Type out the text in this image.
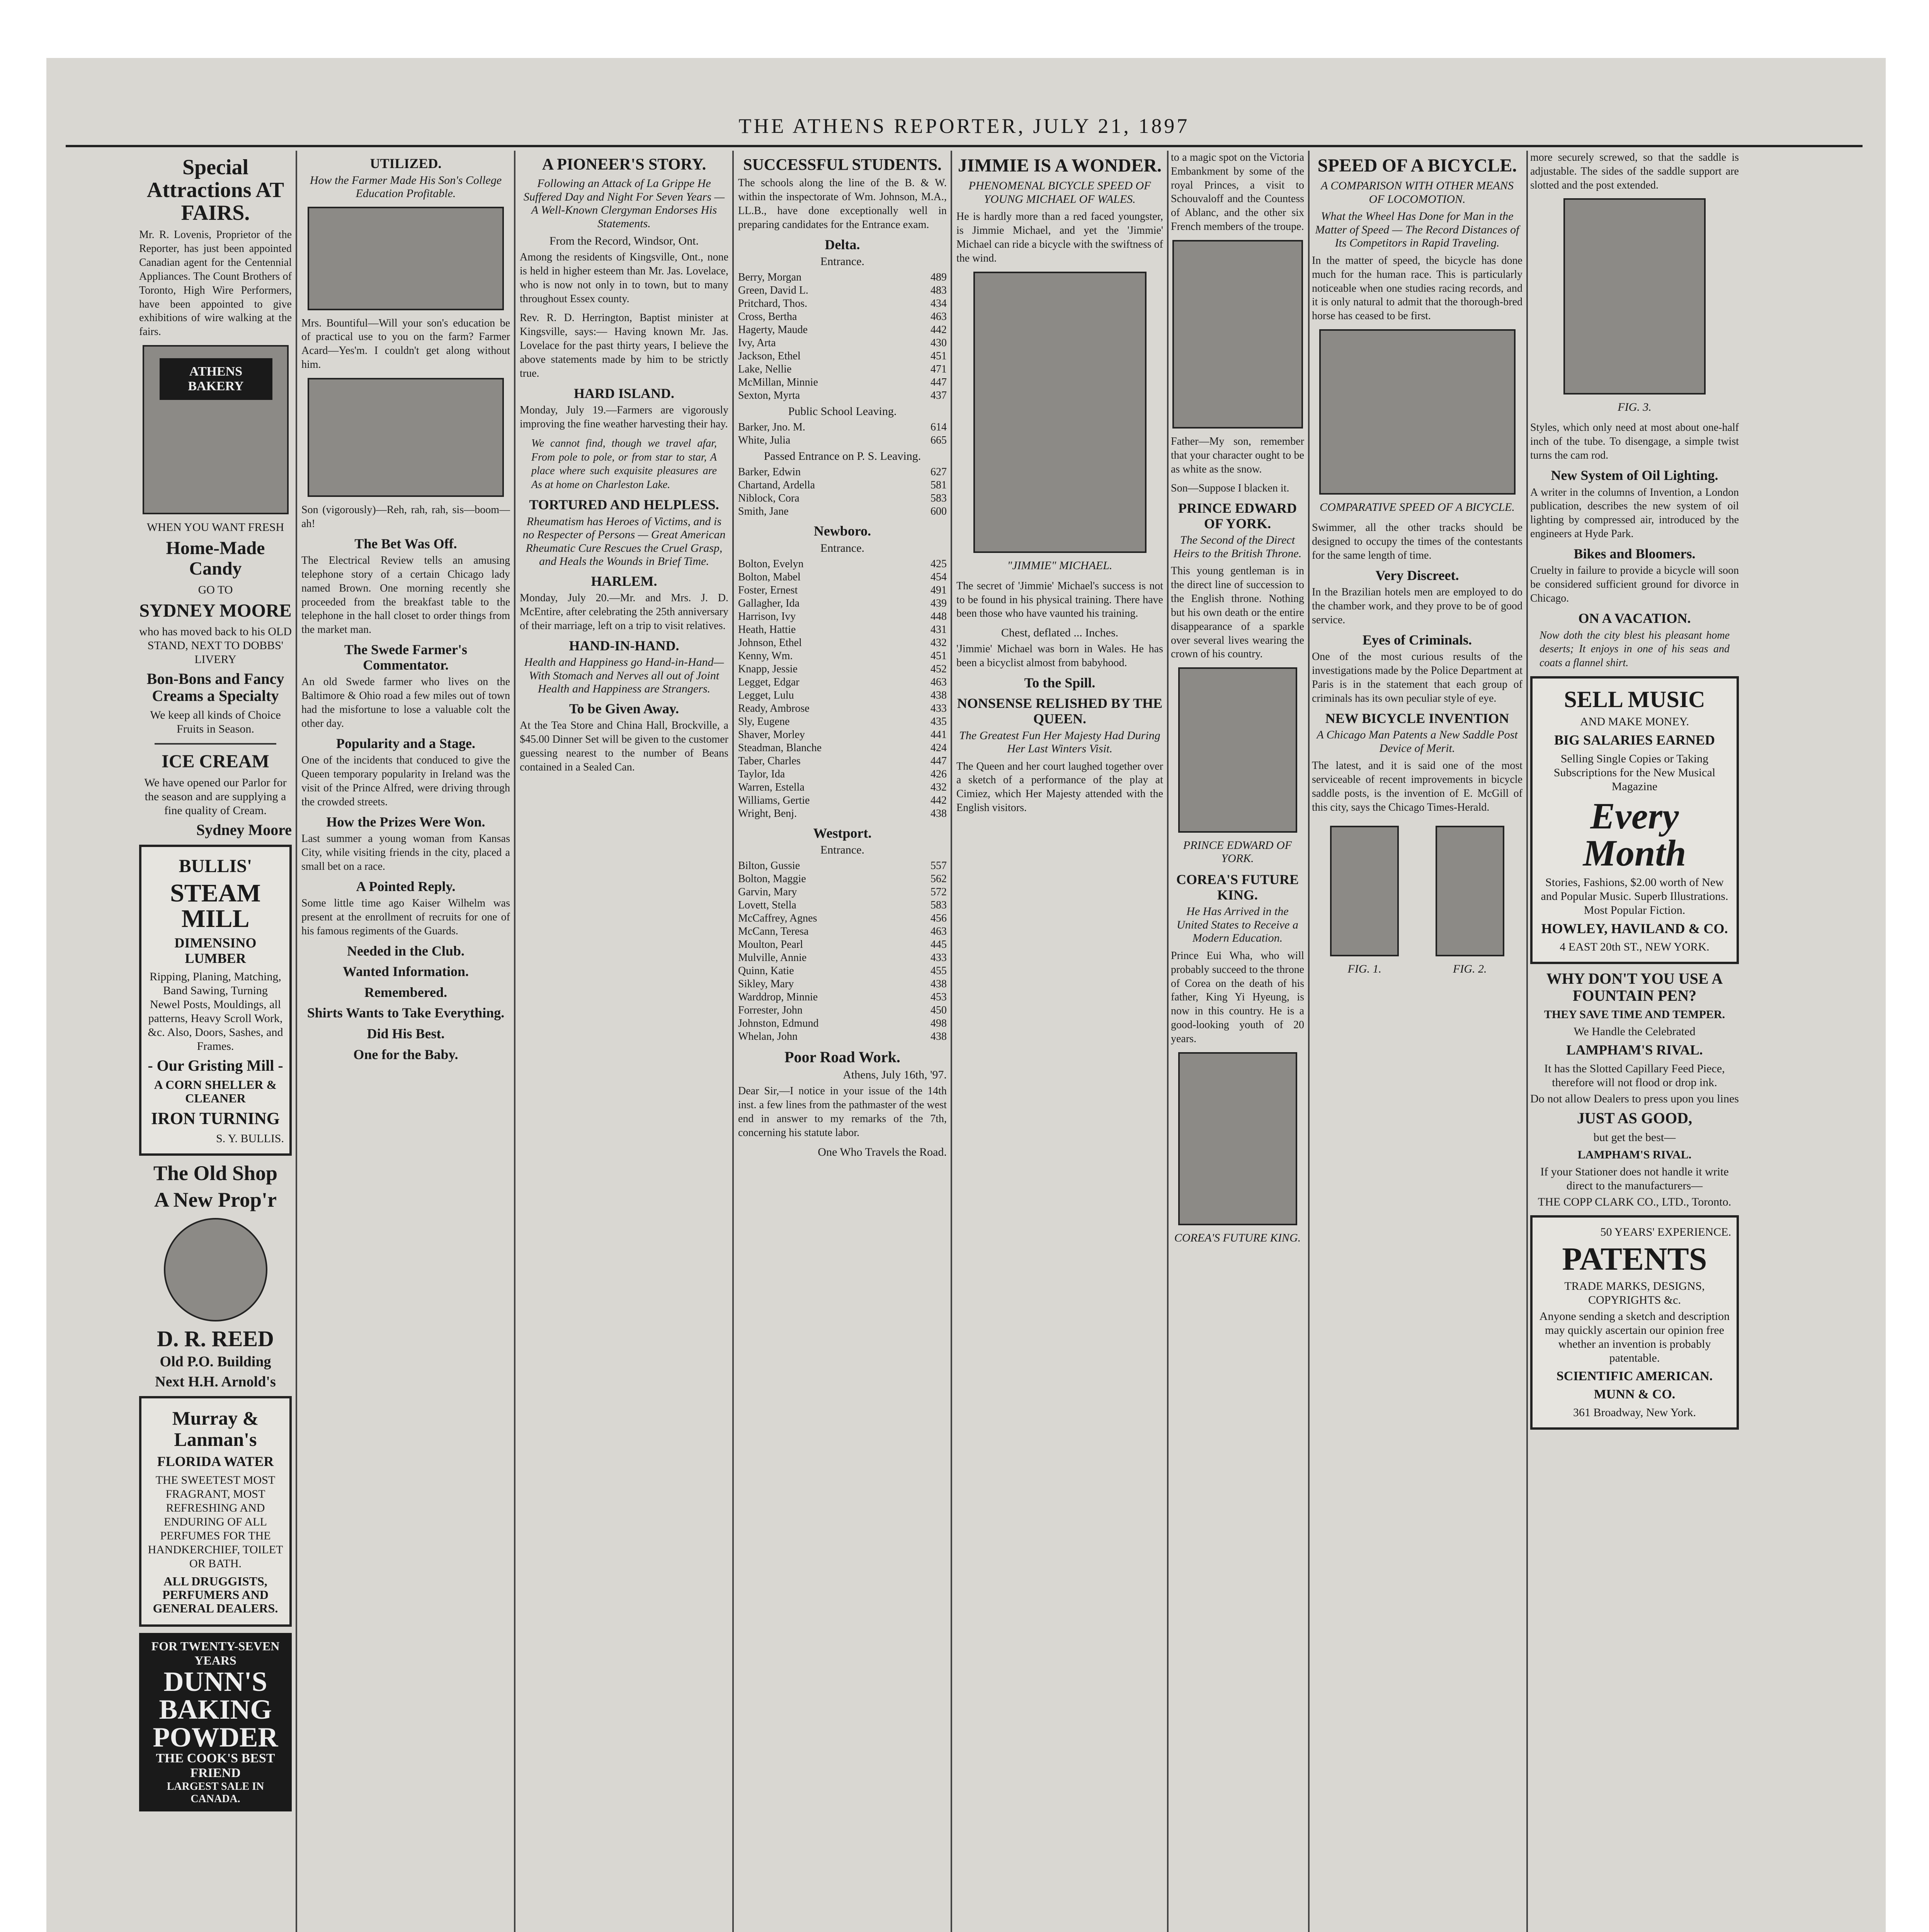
THE ATHENS REPORTER, JULY 21, 1897
Special Attractions AT FAIRS.

Mr. R. Lovenis, Proprietor of the Reporter, has just been appointed Canadian agent for the Centennial Appliances. The Count Brothers of Toronto, High Wire Performers, have been appointed to give exhibitions of wire walking at the fairs.

ATHENS BAKERY
WHEN YOU WANT FRESH
Home-Made Candy
GO TO
SYDNEY MOORE
who has moved back to his OLD STAND, NEXT TO DOBBS' LIVERY
Bon-Bons and Fancy Creams a Specialty
We keep all kinds of Choice Fruits in Season.
ICE CREAM
We have opened our Parlor for the season and are supplying a fine quality of Cream.
Sydney Moore
BULLIS'
STEAM MILL
DIMENSINO LUMBER
Ripping, Planing, Matching, Band Sawing, Turning Newel Posts, Mouldings, all patterns, Heavy Scroll Work, &c. Also, Doors, Sashes, and Frames.
- Our Gristing Mill -
A CORN SHELLER & CLEANER
IRON TURNING
S. Y. BULLIS.
The Old Shop
A New Prop'r
D. R. REED
Old P.O. Building
Next H.H. Arnold's
Murray & Lanman's
FLORIDA WATER
THE SWEETEST MOST FRAGRANT, MOST REFRESHING AND ENDURING OF ALL PERFUMES FOR THE HANDKERCHIEF, TOILET OR BATH.
ALL DRUGGISTS, PERFUMERS AND GENERAL DEALERS.
FOR TWENTY-SEVEN YEARS
DUNN'S BAKING POWDER
THE COOK'S BEST FRIEND
LARGEST SALE IN CANADA.
UTILIZED.
How the Farmer Made His Son's College Education Profitable.

Mrs. Bountiful—Will your son's education be of practical use to you on the farm? Farmer Acard—Yes'm. I couldn't get along without him.

Son (vigorously)—Reh, rah, rah, sis—boom—ah!

The Bet Was Off.

The Electrical Review tells an amusing telephone story of a certain Chicago lady named Brown. One morning recently she proceeded from the breakfast table to the telephone in the hall closet to order things from the market man.

The Swede Farmer's Commentator.

An old Swede farmer who lives on the Baltimore & Ohio road a few miles out of town had the misfortune to lose a valuable colt the other day.

Popularity and a Stage.

One of the incidents that conduced to give the Queen temporary popularity in Ireland was the visit of the Prince Alfred, were driving through the crowded streets.

How the Prizes Were Won.

Last summer a young woman from Kansas City, while visiting friends in the city, placed a small bet on a race.

A Pointed Reply.

Some little time ago Kaiser Wilhelm was present at the enrollment of recruits for one of his famous regiments of the Guards.

Needed in the Club.
Wanted Information.
Remembered.
Shirts Wants to Take Everything.
Did His Best.
One for the Baby.
A PIONEER'S STORY.
Following an Attack of La Grippe He Suffered Day and Night For Seven Years — A Well-Known Clergyman Endorses His Statements.
From the Record, Windsor, Ont.

Among the residents of Kingsville, Ont., none is held in higher esteem than Mr. Jas. Lovelace, who is now not only in to town, but to many throughout Essex county.

Rev. R. D. Herrington, Baptist minister at Kingsville, says:— Having known Mr. Jas. Lovelace for the past thirty years, I believe the above statements made by him to be strictly true.

HARD ISLAND.

Monday, July 19.—Farmers are vigorously improving the fine weather harvesting their hay.

We cannot find, though we travel afar, From pole to pole, or from star to star, A place where such exquisite pleasures are As at home on Charleston Lake.

TORTURED AND HELPLESS.
Rheumatism has Heroes of Victims, and is no Respecter of Persons — Great American Rheumatic Cure Rescues the Cruel Grasp, and Heals the Wounds in Brief Time.
HARLEM.

Monday, July 20.—Mr. and Mrs. J. D. McEntire, after celebrating the 25th anniversary of their marriage, left on a trip to visit relatives.

HAND-IN-HAND.
Health and Happiness go Hand-in-Hand—With Stomach and Nerves all out of Joint Health and Happiness are Strangers.
To be Given Away.

At the Tea Store and China Hall, Brockville, a $45.00 Dinner Set will be given to the customer guessing nearest to the number of Beans contained in a Sealed Can.

SUCCESSFUL STUDENTS.

The schools along the line of the B. & W. within the inspectorate of Wm. Johnson, M.A., LL.B., have done exceptionally well in preparing candidates for the Entrance exam.

Delta.
Entrance.
Berry, Morgan	489
Green, David L.	483
Pritchard, Thos.	434
Cross, Bertha	463
Hagerty, Maude	442
Ivy, Arta	430
Jackson, Ethel	451
Lake, Nellie	471
McMillan, Minnie	447
Sexton, Myrta	437
Public School Leaving.
Barker, Jno. M.	614
White, Julia	665
Passed Entrance on P. S. Leaving.
Barker, Edwin	627
Chartand, Ardella	581
Niblock, Cora	583
Smith, Jane	600
Newboro.
Entrance.
Bolton, Evelyn	425
Bolton, Mabel	454
Foster, Ernest	491
Gallagher, Ida	439
Harrison, Ivy	448
Heath, Hattie	431
Johnson, Ethel	432
Kenny, Wm.	451
Knapp, Jessie	452
Legget, Edgar	463
Legget, Lulu	438
Ready, Ambrose	433
Sly, Eugene	435
Shaver, Morley	441
Steadman, Blanche	424
Taber, Charles	447
Taylor, Ida	426
Warren, Estella	432
Williams, Gertie	442
Wright, Benj.	438
Westport.
Entrance.
Bilton, Gussie	557
Bolton, Maggie	562
Garvin, Mary	572
Lovett, Stella	583
McCaffrey, Agnes	456
McCann, Teresa	463
Moulton, Pearl	445
Mulville, Annie	433
Quinn, Katie	455
Sikley, Mary	438
Warddrop, Minnie	453
Forrester, John	450
Johnston, Edmund	498
Whelan, John	438
Poor Road Work.
Athens, July 16th, '97.

Dear Sir,—I notice in your issue of the 14th inst. a few lines from the pathmaster of the west end in answer to my remarks of the 7th, concerning his statute labor.

One Who Travels the Road.
JIMMIE IS A WONDER.
PHENOMENAL BICYCLE SPEED OF YOUNG MICHAEL OF WALES.

He is hardly more than a red faced youngster, is Jimmie Michael, and yet the 'Jimmie' Michael can ride a bicycle with the swiftness of the wind.

"JIMMIE" MICHAEL.

The secret of 'Jimmie' Michael's success is not to be found in his physical training. There have been those who have vaunted his training.

Chest, deflated ... Inches.

'Jimmie' Michael was born in Wales. He has been a bicyclist almost from babyhood.

To the Spill.
NONSENSE RELISHED BY THE QUEEN.
The Greatest Fun Her Majesty Had During Her Last Winters Visit.

The Queen and her court laughed together over a sketch of a performance of the play at Cimiez, which Her Majesty attended with the English visitors.

to a magic spot on the Victoria Embankment by some of the royal Princes, a visit to Schouvaloff and the Countess of Ablanc, and the other six French members of the troupe.

Father—My son, remember that your character ought to be as white as the snow.

Son—Suppose I blacken it.

PRINCE EDWARD OF YORK.
The Second of the Direct Heirs to the British Throne.

This young gentleman is in the direct line of succession to the English throne. Nothing but his own death or the entire disappearance of a sparkle over several lives wearing the crown of his country.

PRINCE EDWARD OF YORK.
COREA'S FUTURE KING.
He Has Arrived in the United States to Receive a Modern Education.

Prince Eui Wha, who will probably succeed to the throne of Corea on the death of his father, King Yi Hyeung, is now in this country. He is a good-looking youth of 20 years.

COREA'S FUTURE KING.
SPEED OF A BICYCLE.
A COMPARISON WITH OTHER MEANS OF LOCOMOTION.
What the Wheel Has Done for Man in the Matter of Speed — The Record Distances of Its Competitors in Rapid Traveling.

In the matter of speed, the bicycle has done much for the human race. This is particularly noticeable when one studies racing records, and it is only natural to admit that the thorough-bred horse has ceased to be first.

COMPARATIVE SPEED OF A BICYCLE.

Swimmer, all the other tracks should be designed to occupy the times of the contestants for the same length of time.

Very Discreet.

In the Brazilian hotels men are employed to do the chamber work, and they prove to be of good service.

Eyes of Criminals.

One of the most curious results of the investigations made by the Police Department at Paris is in the statement that each group of criminals has its own peculiar style of eye.

NEW BICYCLE INVENTION
A Chicago Man Patents a New Saddle Post Device of Merit.

The latest, and it is said one of the most serviceable of recent improvements in bicycle saddle posts, is the invention of E. McGill of this city, says the Chicago Times-Herald.

FIG. 1.	FIG. 2.

more securely screwed, so that the saddle is adjustable. The sides of the saddle support are slotted and the post extended.

FIG. 3.

Styles, which only need at most about one-half inch of the tube. To disengage, a simple twist turns the cam rod.

New System of Oil Lighting.

A writer in the columns of Invention, a London publication, describes the new system of oil lighting by compressed air, introduced by the engineers at Hyde Park.

Bikes and Bloomers.

Cruelty in failure to provide a bicycle will soon be considered sufficient ground for divorce in Chicago.

ON A VACATION.

Now doth the city blest his pleasant home deserts; It enjoys in one of his seas and coats a flannel shirt.

SELL MUSIC
AND MAKE MONEY.
BIG SALARIES EARNED
Selling Single Copies or Taking Subscriptions for the New Musical Magazine
Every Month
Stories, Fashions, $2.00 worth of New and Popular Music. Superb Illustrations. Most Popular Fiction.
HOWLEY, HAVILAND & CO.
4 EAST 20th ST., NEW YORK.
WHY DON'T YOU USE A FOUNTAIN PEN?
THEY SAVE TIME AND TEMPER.
We Handle the Celebrated
LAMPHAM'S RIVAL.
It has the Slotted Capillary Feed Piece, therefore will not flood or drop ink.
Do not allow Dealers to press upon you lines
JUST AS GOOD,
but get the best—
LAMPHAM'S RIVAL.
If your Stationer does not handle it write direct to the manufacturers—
THE COPP CLARK CO., LTD., Toronto.
50 YEARS' EXPERIENCE.
PATENTS
TRADE MARKS, DESIGNS, COPYRIGHTS &c.
Anyone sending a sketch and description may quickly ascertain our opinion free whether an invention is probably patentable.
SCIENTIFIC AMERICAN.
MUNN & CO.
361 Broadway, New York.
